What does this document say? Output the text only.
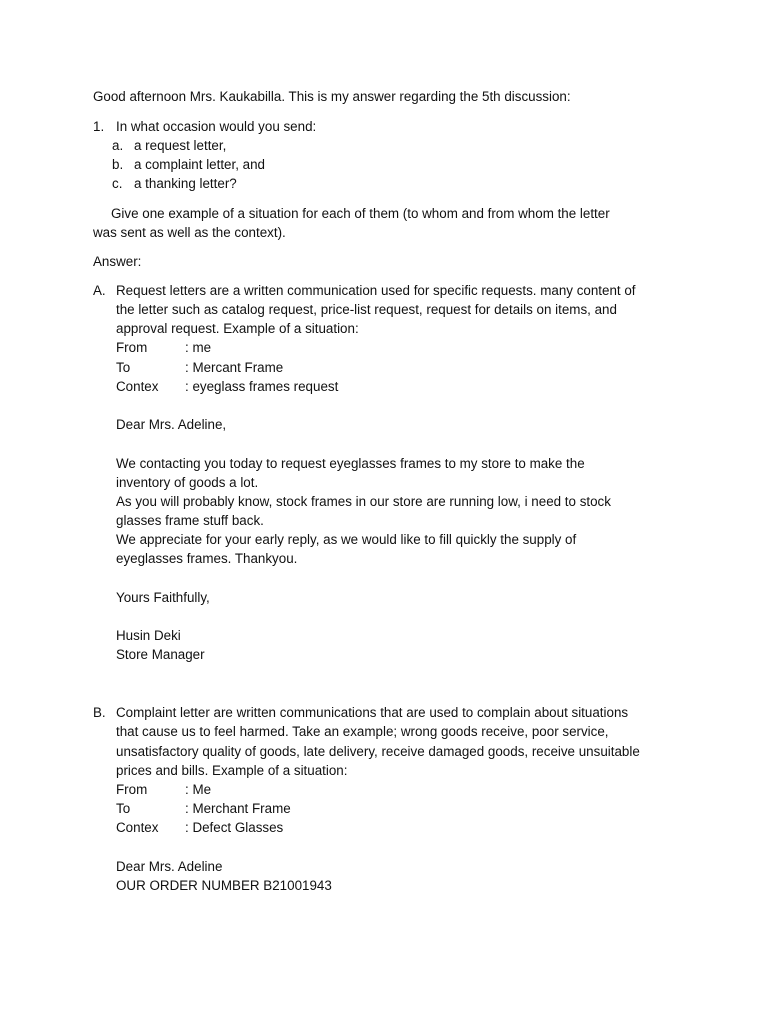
Good afternoon Mrs. Kaukabilla. This is my answer regarding the 5th discussion:
1. In what occasion would you send:
a. a request letter,
b. a complaint letter, and
c. a thanking letter?
Give one example of a situation for each of them (to whom and from whom the letter
was sent as well as the context).
Answer:
A. Request letters are a written communication used for specific requests. many content of
the letter such as catalog request, price-list request, request for details on items, and
approval request. Example of a situation:
From	: me
To	: Mercant Frame
Contex : eyeglass frames request
Dear Mrs. Adeline,
We contacting you today to request eyeglasses frames to my store to make the
inventory of goods a lot.
As you will probably know, stock frames in our store are running low, i need to stock
glasses frame stuff back.
We appreciate for your early reply, as we would like to fill quickly the supply of
eyeglasses frames. Thankyou.
Yours Faithfully,
Husin Deki
Store Manager
B. Complaint letter are written communications that are used to complain about situations
that cause us to feel harmed. Take an example; wrong goods receive, poor service,
unsatisfactory quality of goods, late delivery, receive damaged goods, receive unsuitable
prices and bills. Example of a situation:
From	: Me
To	: Merchant Frame
Contex : Defect Glasses
Dear Mrs. Adeline
OUR ORDER NUMBER B21001943
